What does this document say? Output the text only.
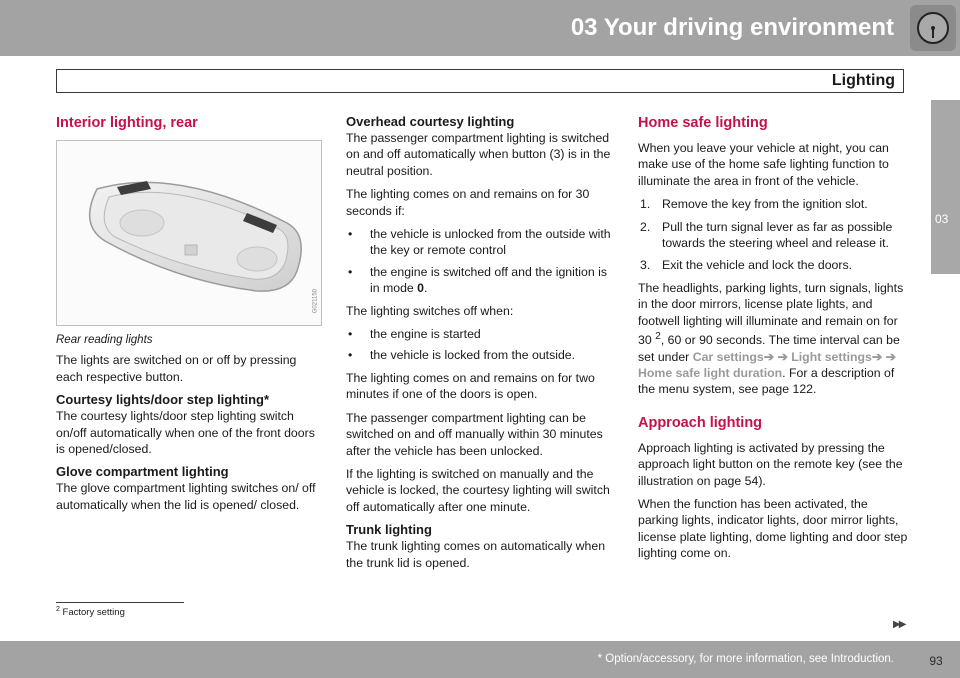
03 Your driving environment
Lighting
03
Interior lighting, rear
G021150
Rear reading lights

The lights are switched on or off by pressing each respective button.

Courtesy lights/door step lighting*

The courtesy lights/door step lighting switch on/off automatically when one of the front doors is opened/closed.

Glove compartment lighting

The glove compartment lighting switches on/ off automatically when the lid is opened/ closed.

Overhead courtesy lighting

The passenger compartment lighting is switched on and off automatically when button (3) is in the neutral position.

The lighting comes on and remains on for 30 seconds if:

• the vehicle is unlocked from the outside with the key or remote control
• the engine is switched off and the ignition is in mode 0.

The lighting switches off when:

• the engine is started
• the vehicle is locked from the outside.

The lighting comes on and remains on for two minutes if one of the doors is open.

The passenger compartment lighting can be switched on and off manually within 30 minutes after the vehicle has been unlocked.

If the lighting is switched on manually and the vehicle is locked, the courtesy lighting will switch off automatically after one minute.

Trunk lighting

The trunk lighting comes on automatically when the trunk lid is opened.

Home safe lighting

When you leave your vehicle at night, you can make use of the home safe lighting function to illuminate the area in front of the vehicle.

1. Remove the key from the ignition slot.
2. Pull the turn signal lever as far as possible towards the steering wheel and release it.
3. Exit the vehicle and lock the doors.

The headlights, parking lights, turn signals, lights in the door mirrors, license plate lights, and footwell lighting will illuminate and remain on for 30 $^2$, 60 or 90 seconds. The time interval can be set under Car settings➔ ➔ Light settings➔ ➔ Home safe light duration. For a description of the menu system, see page 122.

Approach lighting

Approach lighting is activated by pressing the approach light button on the remote key (see the illustration on page 54).

When the function has been activated, the parking lights, indicator lights, door mirror lights, license plate lighting, dome lighting and door step lighting come on.

$^2$ Factory setting
▶▶
* Option/accessory, for more information, see Introduction.	93
